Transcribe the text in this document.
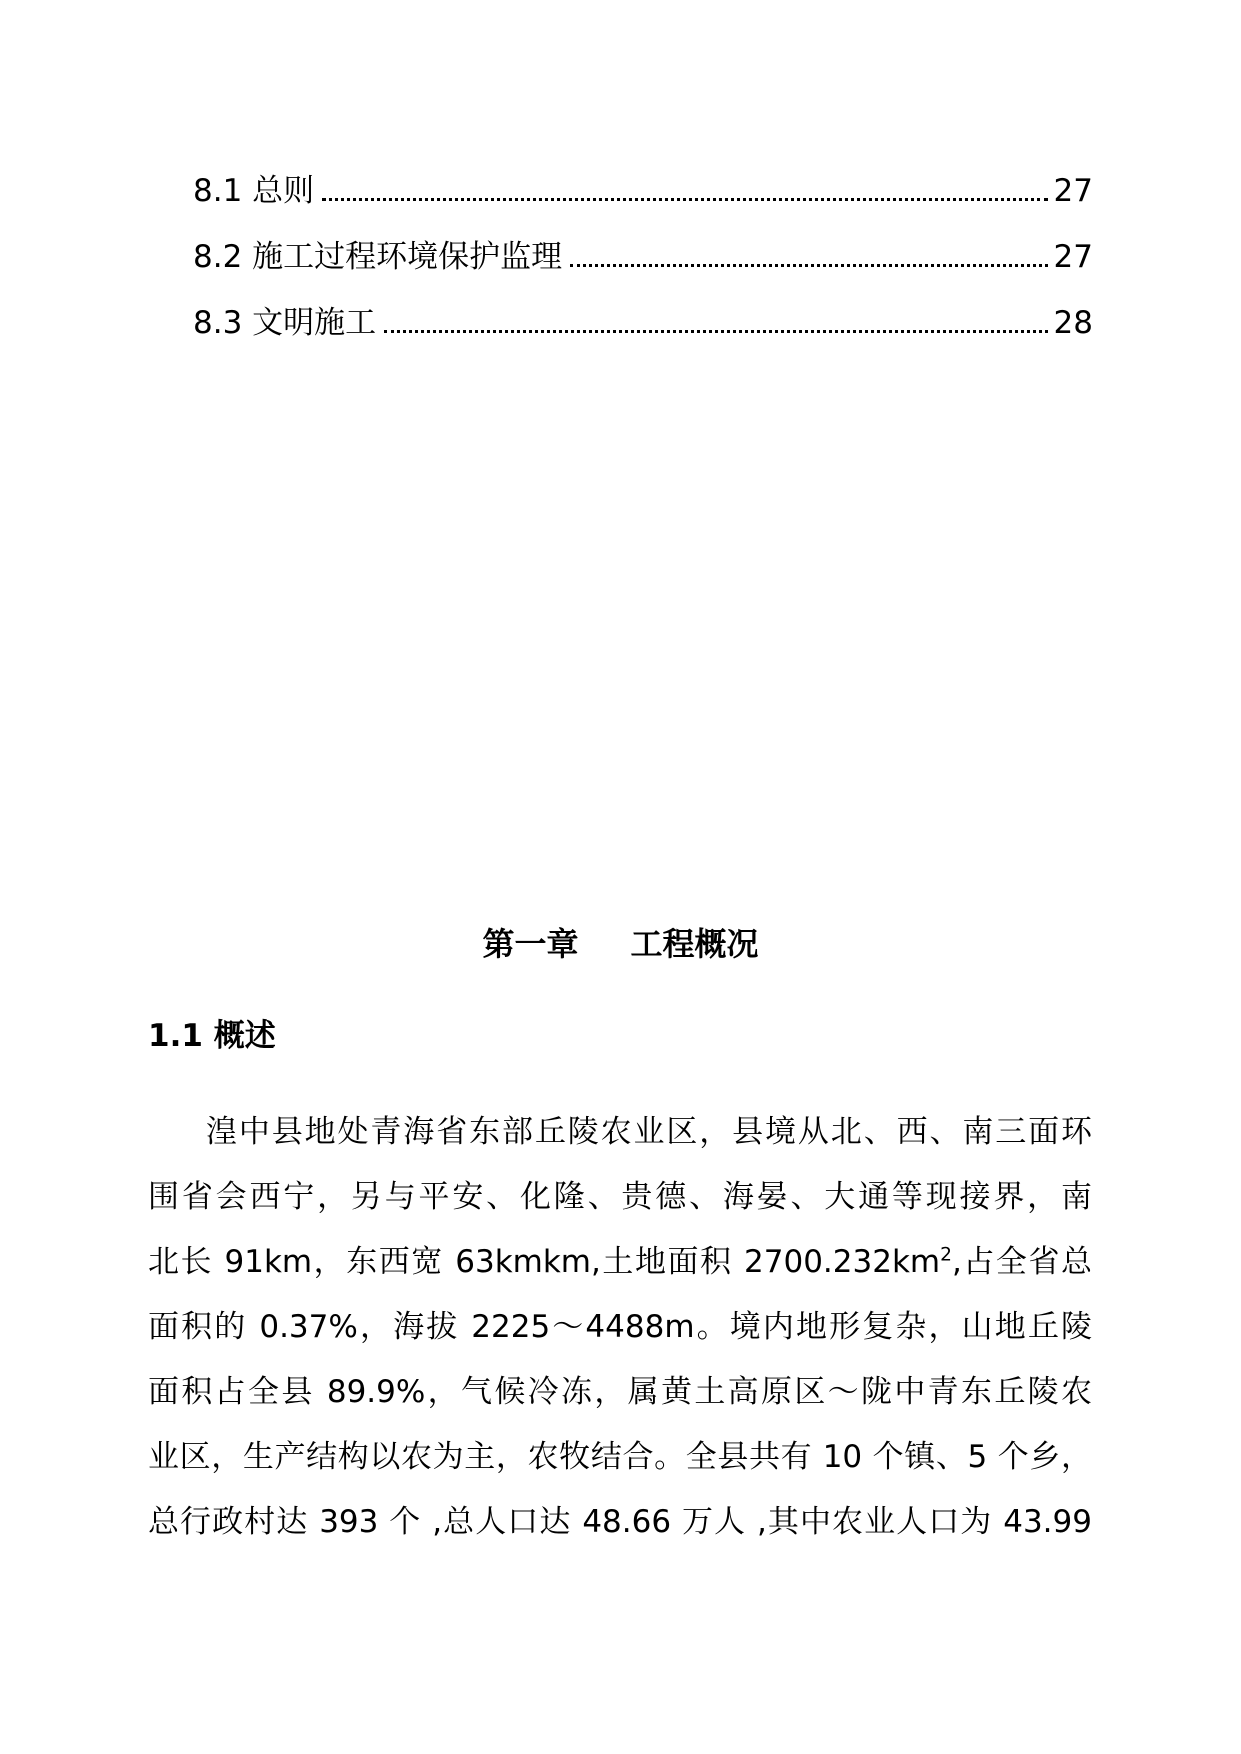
8.1 总则	27
8.2 施工过程环境保护监理	27
8.3 文明施工	28
第一章 工程概况
1.1 概述
湟中县地处青海省东部丘陵农业区，县境从北、西、南三面环
围省会西宁，另与平安、化隆、贵德、海晏、大通等现接界，南
北长 91km，东西宽 63kmkm,土地面积 $2700.232km^2$,占全省总
面积的 0.37%，海拔 2225～4488m。境内地形复杂，山地丘陵
面积占全县 89.9%，气候冷冻，属黄土高原区～陇中青东丘陵农
业区，生产结构以农为主，农牧结合。全县共有 10 个镇、5 个乡，
总行政村达 393 个 ,总人口达 48.66 万人 ,其中农业人口为 43.99
